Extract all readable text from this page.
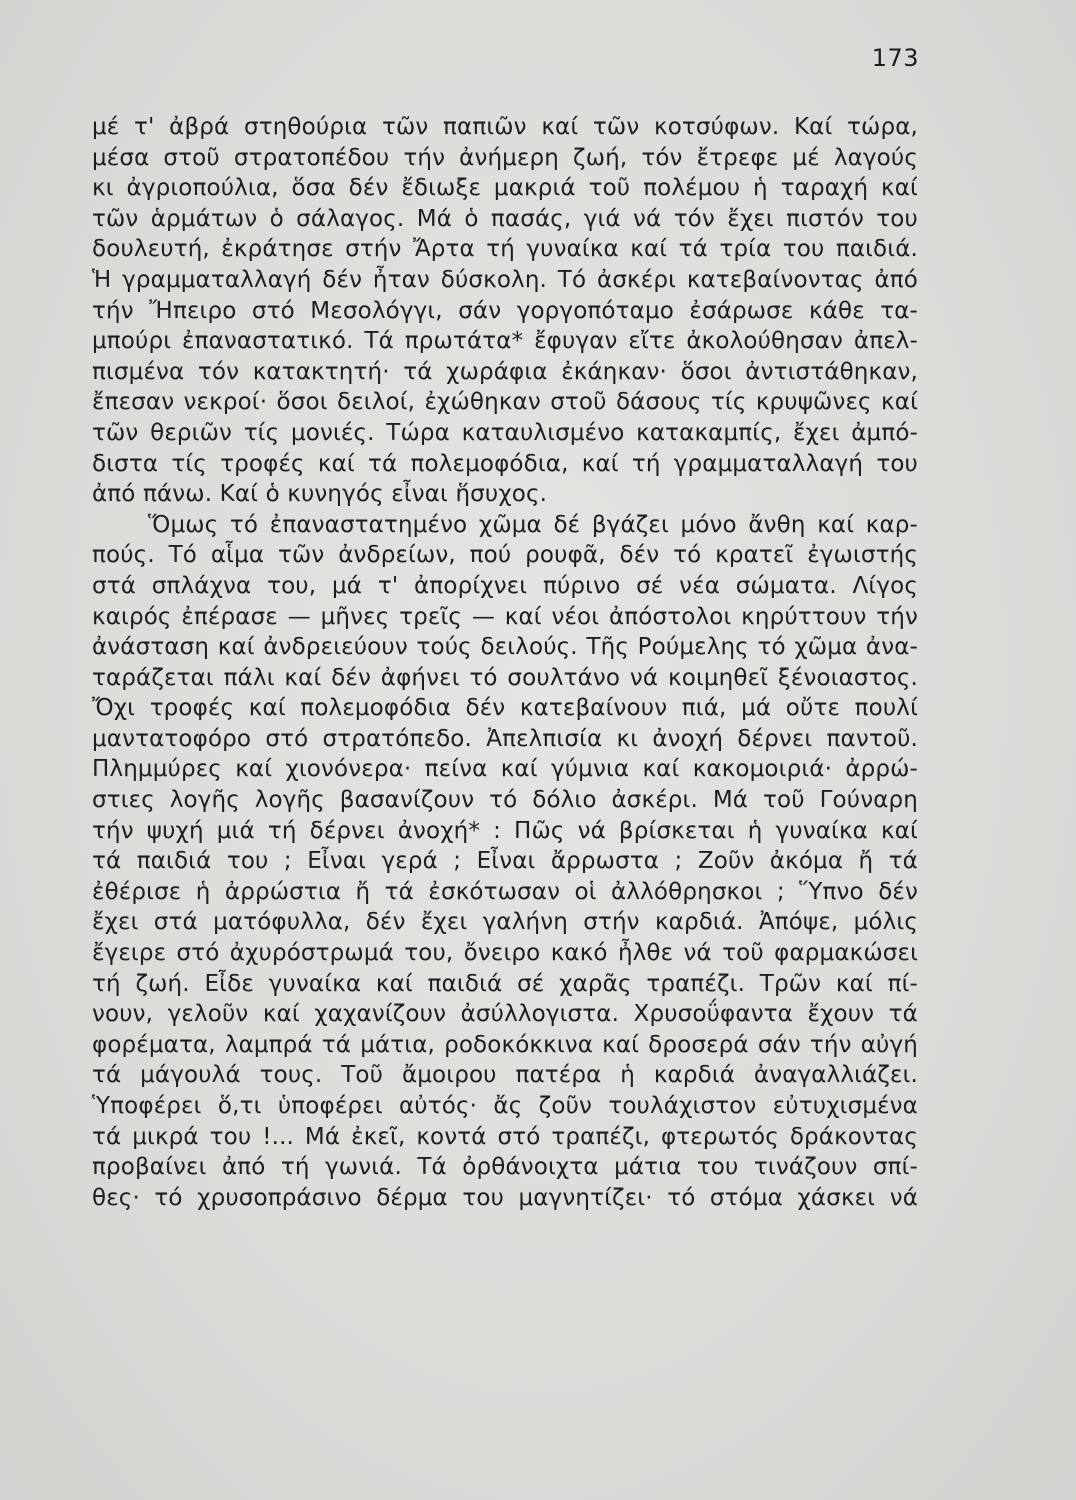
173
μέ τ' ἀβρά στηθούρια τῶν παπιῶν καί τῶν κοτσύφων. Καί τώρα,
μέσα στοῦ στρατοπέδου τήν ἀνήμερη ζωή, τόν ἔτρεφε μέ λαγούς
κι ἀγριοπούλια, ὅσα δέν ἔδιωξε μακριά τοῦ πολέμου ἡ ταραχή καί
τῶν ἁρμάτων ὁ σάλαγος. Μά ὁ πασάς, γιά νά τόν ἔχει πιστόν του
δουλευτή, ἐκράτησε στήν Ἄρτα τή γυναίκα καί τά τρία του παιδιά.
Ἡ γραμματαλλαγή δέν ἦταν δύσκολη. Τό ἀσκέρι κατεβαίνοντας ἀπό
τήν Ἤπειρο στό Μεσολόγγι, σάν γοργοπόταμο ἐσάρωσε κάθε τα-
μπούρι ἐπαναστατικό. Τά πρωτάτα* ἔφυγαν εἴτε ἀκολούθησαν ἀπελ-
πισμένα τόν κατακτητή· τά χωράφια ἐκάηκαν· ὅσοι ἀντιστάθηκαν,
ἔπεσαν νεκροί· ὅσοι δειλοί, ἐχώθηκαν στοῦ δάσους τίς κρυψῶνες καί
τῶν θεριῶν τίς μονιές. Τώρα καταυλισμένο κατακαμπίς, ἔχει ἀμπό-
διστα τίς τροφές καί τά πολεμοφόδια, καί τή γραμματαλλαγή του
ἀπό πάνω. Καί ὁ κυνηγός εἶναι ἥσυχος.
Ὅμως τό ἐπαναστατημένο χῶμα δέ βγάζει μόνο ἄνθη καί καρ-
πούς. Τό αἷμα τῶν ἀνδρείων, πού ρουφᾶ, δέν τό κρατεῖ ἐγωιστής
στά σπλάχνα του, μά τ' ἀπορίχνει πύρινο σέ νέα σώματα. Λίγος
καιρός ἐπέρασε — μῆνες τρεῖς — καί νέοι ἀπόστολοι κηρύττουν τήν
ἀνάσταση καί ἀνδρειεύουν τούς δειλούς. Τῆς Ρούμελης τό χῶμα ἀνα-
ταράζεται πάλι καί δέν ἀφήνει τό σουλτάνο νά κοιμηθεῖ ξένοιαστος.
Ὄχι τροφές καί πολεμοφόδια δέν κατεβαίνουν πιά, μά οὔτε πουλί
μαντατοφόρο στό στρατόπεδο. Ἀπελπισία κι ἀνοχή δέρνει παντοῦ.
Πλημμύρες καί χιονόνερα· πείνα καί γύμνια καί κακομοιριά· ἀρρώ-
στιες λογῆς λογῆς βασανίζουν τό δόλιο ἀσκέρι. Μά τοῦ Γούναρη
τήν ψυχή μιά τή δέρνει ἀνοχή* : Πῶς νά βρίσκεται ἡ γυναίκα καί
τά παιδιά του ; Εἶναι γερά ; Εἶναι ἄρρωστα ; Ζοῦν ἀκόμα ἤ τά
ἐθέρισε ἡ ἀρρώστια ἤ τά ἐσκότωσαν οἱ ἀλλόθρησκοι ; Ὕπνο δέν
ἔχει στά ματόφυλλα, δέν ἔχει γαλήνη στήν καρδιά. Ἀπόψε, μόλις
ἔγειρε στό ἀχυρόστρωμά του, ὄνειρο κακό ἦλθε νά τοῦ φαρμακώσει
τή ζωή. Εἶδε γυναίκα καί παιδιά σέ χαρᾶς τραπέζι. Τρῶν καί πί-
νουν, γελοῦν καί χαχανίζουν ἀσύλλογιστα. Χρυσοΰφαντα ἔχουν τά
φορέματα, λαμπρά τά μάτια, ροδοκόκκινα καί δροσερά σάν τήν αὐγή
τά μάγουλά τους. Τοῦ ἄμοιρου πατέρα ἡ καρδιά ἀναγαλλιάζει.
Ὑποφέρει ὅ,τι ὑποφέρει αὐτός· ἄς ζοῦν τουλάχιστον εὐτυχισμένα
τά μικρά του !... Μά ἐκεῖ, κοντά στό τραπέζι, φτερωτός δράκοντας
προβαίνει ἀπό τή γωνιά. Τά ὀρθάνοιχτα μάτια του τινάζουν σπί-
θες· τό χρυσοπράσινο δέρμα του μαγνητίζει· τό στόμα χάσκει νά
